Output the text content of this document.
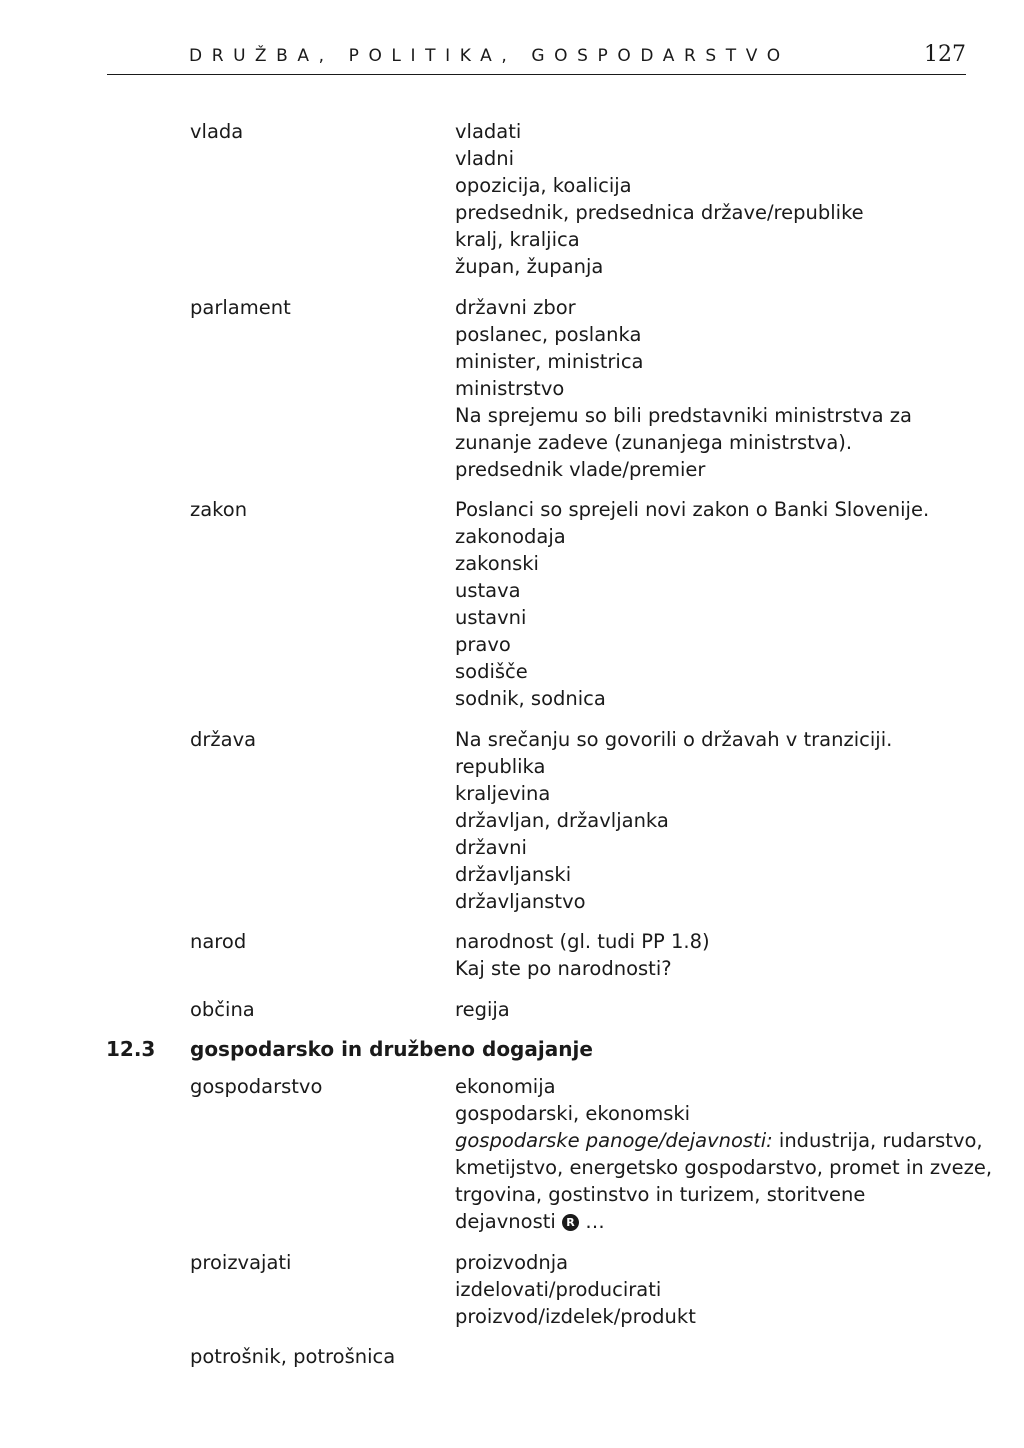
DRUŽBA, POLITIKA, GOSPODARSTVO	127
vlada	vladati
vladni
opozicija, koalicija
predsednik, predsednica države/republike
kralj, kraljica
župan, županja
parlament	državni zbor
poslanec, poslanka
minister, ministrica
ministrstvo
Na sprejemu so bili predstavniki ministrstva za
zunanje zadeve (zunanjega ministrstva).
predsednik vlade/premier
zakon	Poslanci so sprejeli novi zakon o Banki Slovenije.
zakonodaja
zakonski
ustava
ustavni
pravo
sodišče
sodnik, sodnica
država	Na srečanju so govorili o državah v tranziciji.
republika
kraljevina
državljan, državljanka
državni
državljanski
državljanstvo
narod	narodnost (gl. tudi PP 1.8)
Kaj ste po narodnosti?
občina	regija
12.3	gospodarsko in družbeno dogajanje
gospodarstvo	ekonomija
gospodarski, ekonomski
gospodarske panoge/dejavnosti: industrija, rudarstvo,
kmetijstvo, energetsko gospodarstvo, promet in zveze,
trgovina, gostinstvo in turizem, storitvene
dejavnosti R …
proizvajati	proizvodnja
izdelovati/producirati
proizvod/izdelek/produkt
potrošnik, potrošnica
